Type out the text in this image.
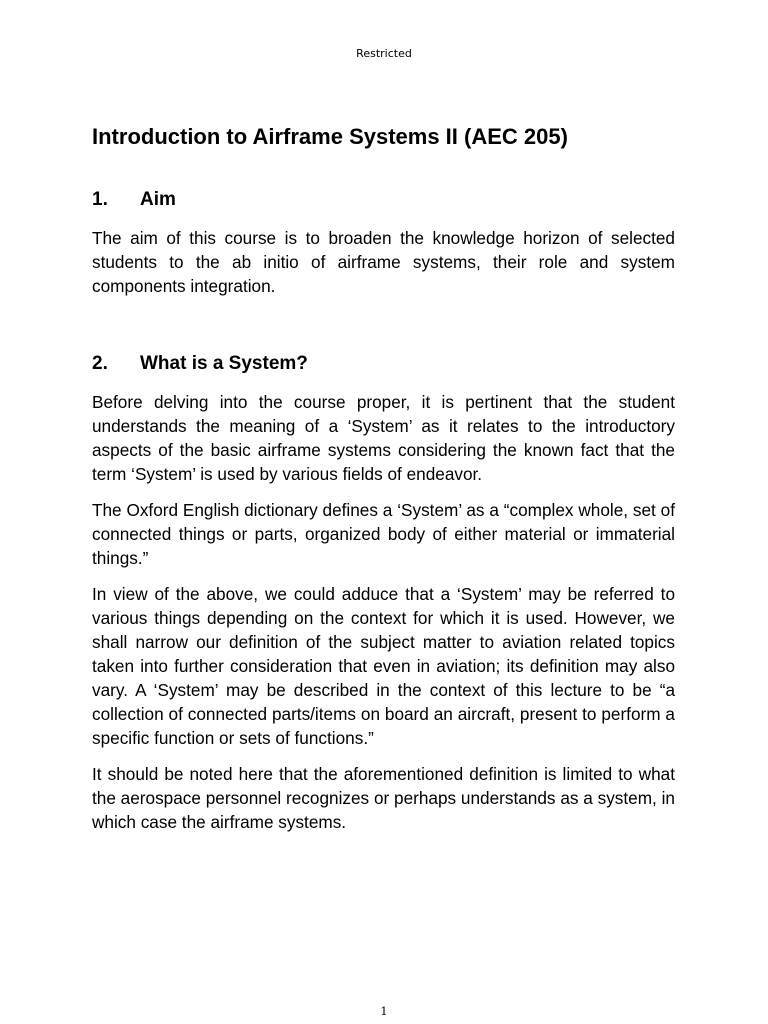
Restricted
Introduction to Airframe Systems II (AEC 205)
1. Aim

The aim of this course is to broaden the knowledge horizon of selected students to the ab initio of airframe systems, their role and system components integration.

2. What is a System?

Before delving into the course proper, it is pertinent that the student understands the meaning of a ‘System’ as it relates to the introductory aspects of the basic airframe systems considering the known fact that the term ‘System’ is used by various fields of endeavor.

The Oxford English dictionary defines a ‘System’ as a “complex whole, set of connected things or parts, organized body of either material or immaterial things.”

In view of the above, we could adduce that a ‘System’ may be referred to various things depending on the context for which it is used. However, we shall narrow our definition of the subject matter to aviation related topics taken into further consideration that even in aviation; its definition may also vary. A ‘System’ may be described in the context of this lecture to be “a collection of connected parts/items on board an aircraft, present to perform a specific function or sets of functions.”

It should be noted here that the aforementioned definition is limited to what the aerospace personnel recognizes or perhaps understands as a system, in which case the airframe systems.

1
